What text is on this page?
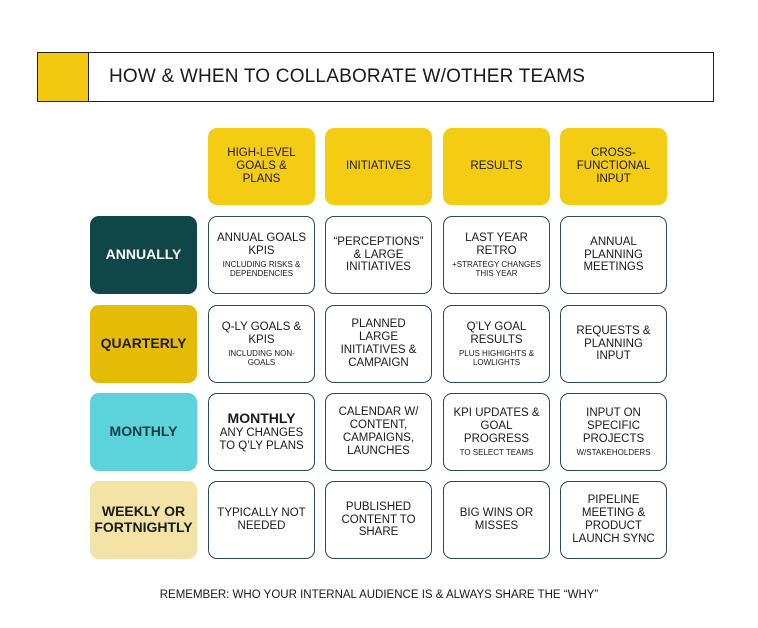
HOW & WHEN TO COLLABORATE W/OTHER TEAMS
HIGH-LEVEL GOALS & PLANS
INITIATIVES	RESULTS
CROSS-FUNCTIONAL INPUT
ANNUALLY
ANNUAL GOALS KPIS
INCLUDING RISKS & DEPENDENCIES
“PERCEPTIONS” & LARGE INITIATIVES
LAST YEAR RETRO
+STRATEGY CHANGES THIS YEAR
ANNUAL PLANNING MEETINGS
QUARTERLY
Q-LY GOALS & KPIS
INCLUDING NON-GOALS
PLANNED LARGE INITIATIVES & CAMPAIGN
Q’LY GOAL RESULTS
PLUS HIGHIGHTS & LOWLIGHTS
REQUESTS & PLANNING INPUT
MONTHLY
MONTHLY
ANY CHANGES TO Q’LY PLANS
CALENDAR W/ CONTENT, CAMPAIGNS, LAUNCHES
KPI UPDATES & GOAL PROGRESS
TO SELECT TEAMS
INPUT ON SPECIFIC PROJECTS
W/STAKEHOLDERS
WEEKLY OR FORTNIGHTLY
TYPICALLY NOT NEEDED
PUBLISHED CONTENT TO SHARE
BIG WINS OR MISSES
PIPELINE MEETING & PRODUCT LAUNCH SYNC
REMEMBER: WHO YOUR INTERNAL AUDIENCE IS & ALWAYS SHARE THE “WHY”
